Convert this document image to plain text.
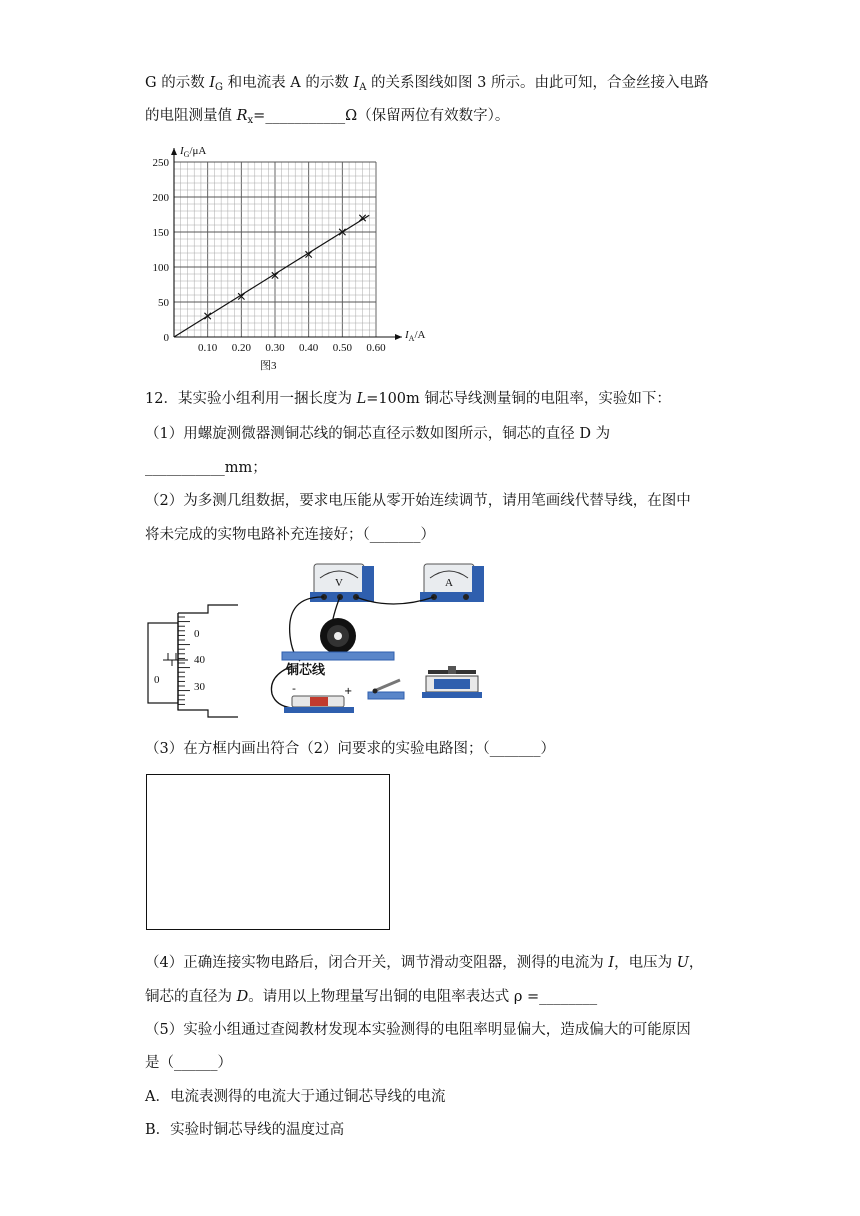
G 的示数 $I_G$ 和电流表 A 的示数 $I_A$ 的关系图线如图 3 所示。由此可知，合金丝接入电路
的电阻测量值 $R_x=\_\_\_\_\_\_\_\_\_\_\_\Omega$（保留两位有效数字）。
$I_G/\mu A$
$I_A/A$
0
50
100
150
200
250
0.10 0.20 0.30 0.40 0.50 0.60
图3
12．某实验小组利用一捆长度为 L=100m 铜芯导线测量铜的电阻率，实验如下：
（1）用螺旋测微器测铜芯线的铜芯直径示数如图所示，铜芯的直径 D 为
___________mm；
（2）为多测几组数据，要求电压能从零开始连续调节，请用笔画线代替导线，在图中
将未完成的实物电路补充连接好；（_______）
0
0
40
30
V	A
铜芯线
-	+
（3）在方框内画出符合（2）问要求的实验电路图；（_______）
（4）正确连接实物电路后，闭合开关，调节滑动变阻器，测得的电流为 I，电压为 U，
铜芯的直径为 D。请用以上物理量写出铜的电阻率表达式 ρ =________
（5）实验小组通过查阅教材发现本实验测得的电阻率明显偏大，造成偏大的可能原因
是（______）
A．电流表测得的电流大于通过铜芯导线的电流
B．实验时铜芯导线的温度过高
